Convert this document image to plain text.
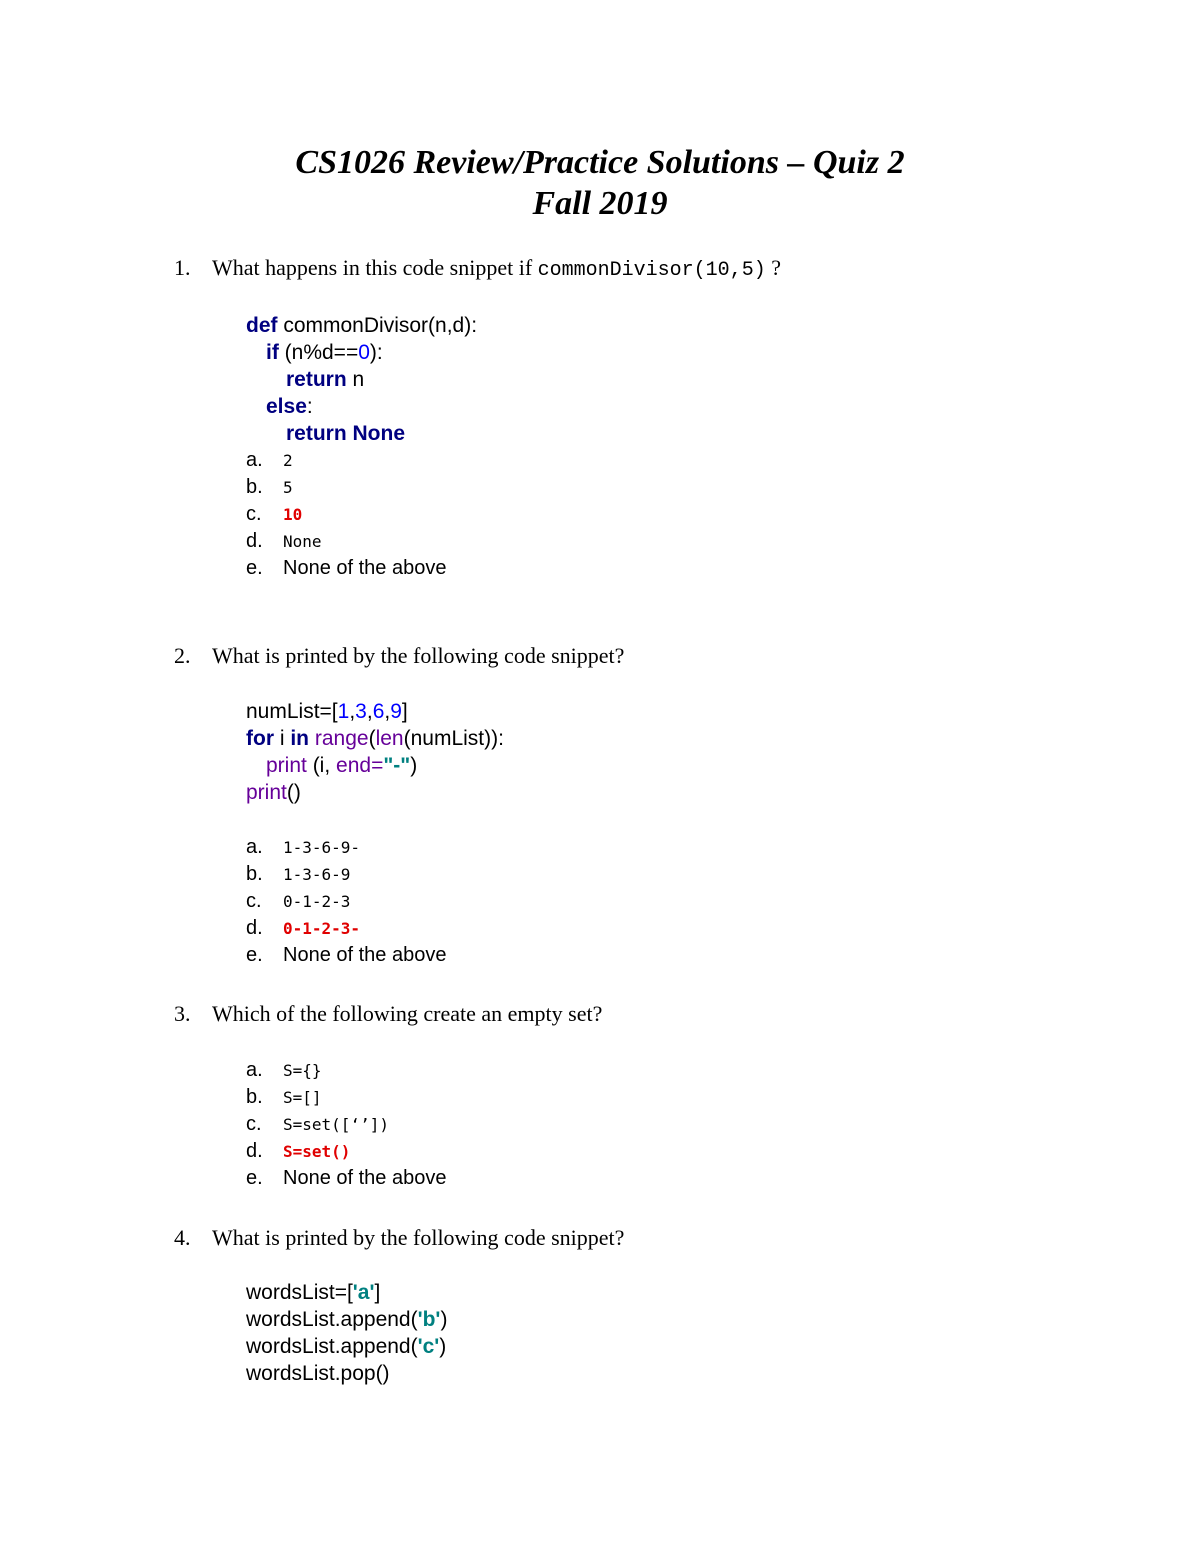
CS1026 Review/Practice Solutions – Quiz 2
Fall 2019
1. What happens in this code snippet if commonDivisor(10,5) ?
def commonDivisor(n,d):
if (n%d==0):
return n
else:
return None
a. 2
b. 5
c. 10
d. None
e. None of the above
2. What is printed by the following code snippet?
numList=[1,3,6,9]
for i in range(len(numList)):
print (i, end="-")
print()
a. 1-3-6-9-
b. 1-3-6-9
c. 0-1-2-3
d. 0-1-2-3-
e. None of the above
3. Which of the following create an empty set?
a. S={}
b. S=[]
c. S=set([‘’])
d. S=set()
e. None of the above
4. What is printed by the following code snippet?
wordsList=['a']
wordsList.append('b')
wordsList.append('c')
wordsList.pop()
